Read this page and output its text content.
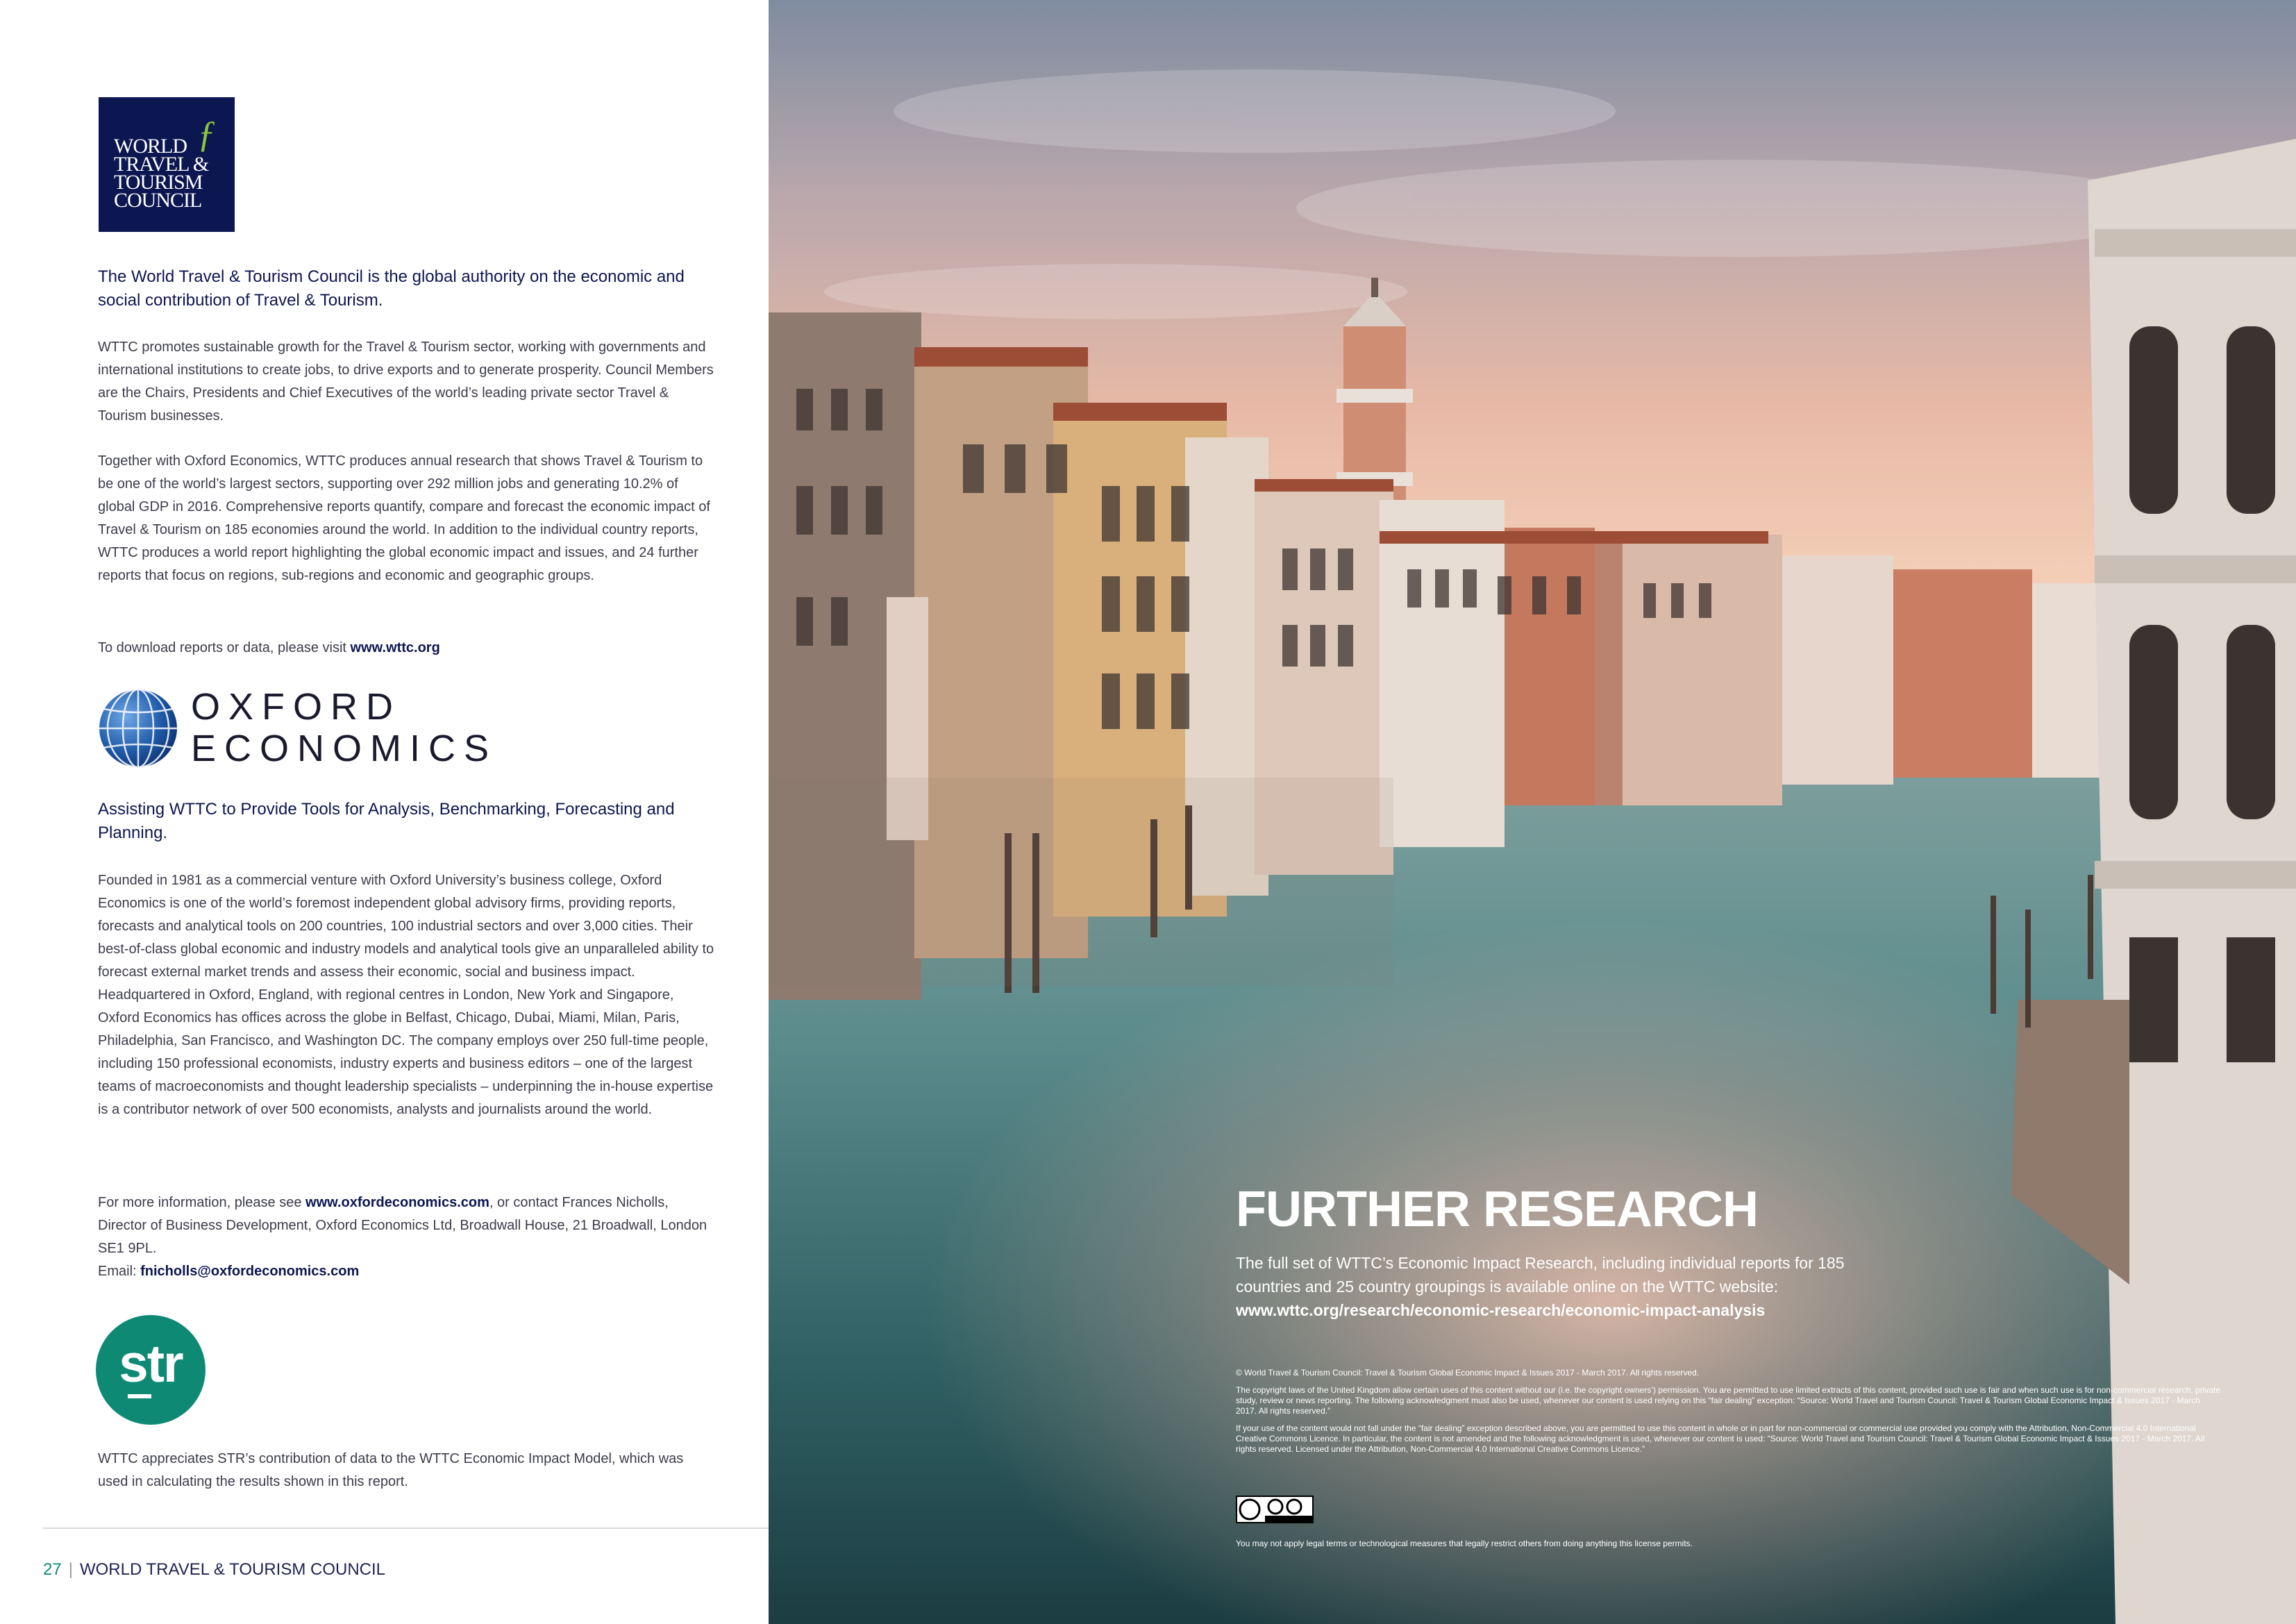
ƒ
WORLD
TRAVEL &
TOURISM
COUNCIL

The World Travel & Tourism Council is the global authority on the economic and social contribution of Travel & Tourism.

WTTC promotes sustainable growth for the Travel & Tourism sector, working with governments and international institutions to create jobs, to drive exports and to generate prosperity. Council Members are the Chairs, Presidents and Chief Executives of the world’s leading private sector Travel & Tourism businesses.

Together with Oxford Economics, WTTC produces annual research that shows Travel & Tourism to be one of the world’s largest sectors, supporting over 292 million jobs and generating 10.2% of global GDP in 2016. Comprehensive reports quantify, compare and forecast the economic impact of Travel & Tourism on 185 economies around the world. In addition to the individual country reports, WTTC produces a world report highlighting the global economic impact and issues, and 24 further reports that focus on regions, sub-regions and economic and geographic groups.

To download reports or data, please visit www.wttc.org

OXFORD
ECONOMICS

Assisting WTTC to Provide Tools for Analysis, Benchmarking, Forecasting and Planning.

Founded in 1981 as a commercial venture with Oxford University’s business college, Oxford Economics is one of the world’s foremost independent global advisory firms, providing reports, forecasts and analytical tools on 200 countries, 100 industrial sectors and over 3,000 cities. Their best-of-class global economic and industry models and analytical tools give an unparalleled ability to forecast external market trends and assess their economic, social and business impact. Headquartered in Oxford, England, with regional centres in London, New York and Singapore, Oxford Economics has offices across the globe in Belfast, Chicago, Dubai, Miami, Milan, Paris, Philadelphia, San Francisco, and Washington DC. The company employs over 250 full-time people, including 150 professional economists, industry experts and business editors – one of the largest teams of macroeconomists and thought leadership specialists – underpinning the in-house expertise is a contributor network of over 500 economists, analysts and journalists around the world.

For more information, please see www.oxfordeconomics.com, or contact Frances Nicholls, Director of Business Development, Oxford Economics Ltd, Broadwall House, 21 Broadwall, London SE1 9PL.
Email: fnicholls@oxfordeconomics.com

str

WTTC appreciates STR’s contribution of data to the WTTC Economic Impact Model, which was used in calculating the results shown in this report.

27 | WORLD TRAVEL & TOURISM COUNCIL
FURTHER RESEARCH

The full set of WTTC’s Economic Impact Research, including individual reports for 185 countries and 25 country groupings is available online on the WTTC website:
www.wttc.org/research/economic-research/economic-impact-analysis

© World Travel & Tourism Council: Travel & Tourism Global Economic Impact & Issues 2017 - March 2017. All rights reserved.

The copyright laws of the United Kingdom allow certain uses of this content without our (i.e. the copyright owners’) permission. You are permitted to use limited extracts of this content, provided such use is fair and when such use is for non-commercial research, private study, review or news reporting. The following acknowledgment must also be used, whenever our content is used relying on this “fair dealing” exception: “Source: World Travel and Tourism Council: Travel & Tourism Global Economic Impact & Issues 2017 - March 2017. All rights reserved.”

If your use of the content would not fall under the “fair dealing” exception described above, you are permitted to use this content in whole or in part for non-commercial or commercial use provided you comply with the Attribution, Non-Commercial 4.0 International Creative Commons Licence. In particular, the content is not amended and the following acknowledgment is used, whenever our content is used: “Source: World Travel and Tourism Council: Travel & Tourism Global Economic Impact & Issues 2017 - March 2017. All rights reserved. Licensed under the Attribution, Non-Commercial 4.0 International Creative Commons Licence.”

You may not apply legal terms or technological measures that legally restrict others from doing anything this license permits.
